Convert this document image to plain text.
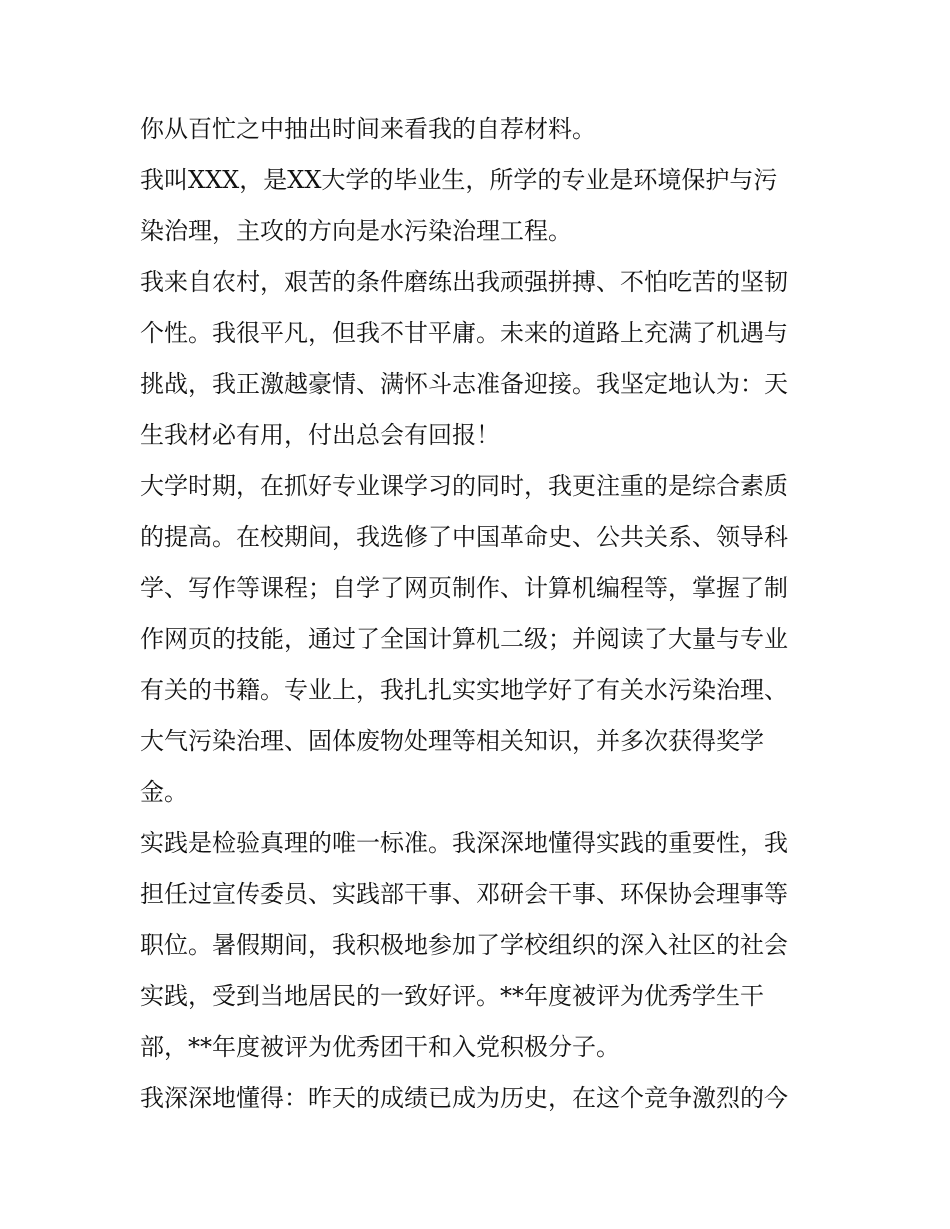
你从百忙之中抽出时间来看我的自荐材料。
我叫XXX，是XX大学的毕业生，所学的专业是环境保护与污
染治理，主攻的方向是水污染治理工程。
我来自农村，艰苦的条件磨练出我顽强拼搏、不怕吃苦的坚韧
个性。我很平凡，但我不甘平庸。未来的道路上充满了机遇与
挑战，我正激越豪情、满怀斗志准备迎接。我坚定地认为：天
生我材必有用，付出总会有回报！
大学时期，在抓好专业课学习的同时，我更注重的是综合素质
的提高。在校期间，我选修了中国革命史、公共关系、领导科
学、写作等课程；自学了网页制作、计算机编程等，掌握了制
作网页的技能，通过了全国计算机二级；并阅读了大量与专业
有关的书籍。专业上，我扎扎实实地学好了有关水污染治理、
大气污染治理、固体废物处理等相关知识，并多次获得奖学
金。
实践是检验真理的唯一标准。我深深地懂得实践的重要性，我
担任过宣传委员、实践部干事、邓研会干事、环保协会理事等
职位。暑假期间，我积极地参加了学校组织的深入社区的社会
实践，受到当地居民的一致好评。**年度被评为优秀学生干
部，**年度被评为优秀团干和入党积极分子。
我深深地懂得：昨天的成绩已成为历史，在这个竞争激烈的今
